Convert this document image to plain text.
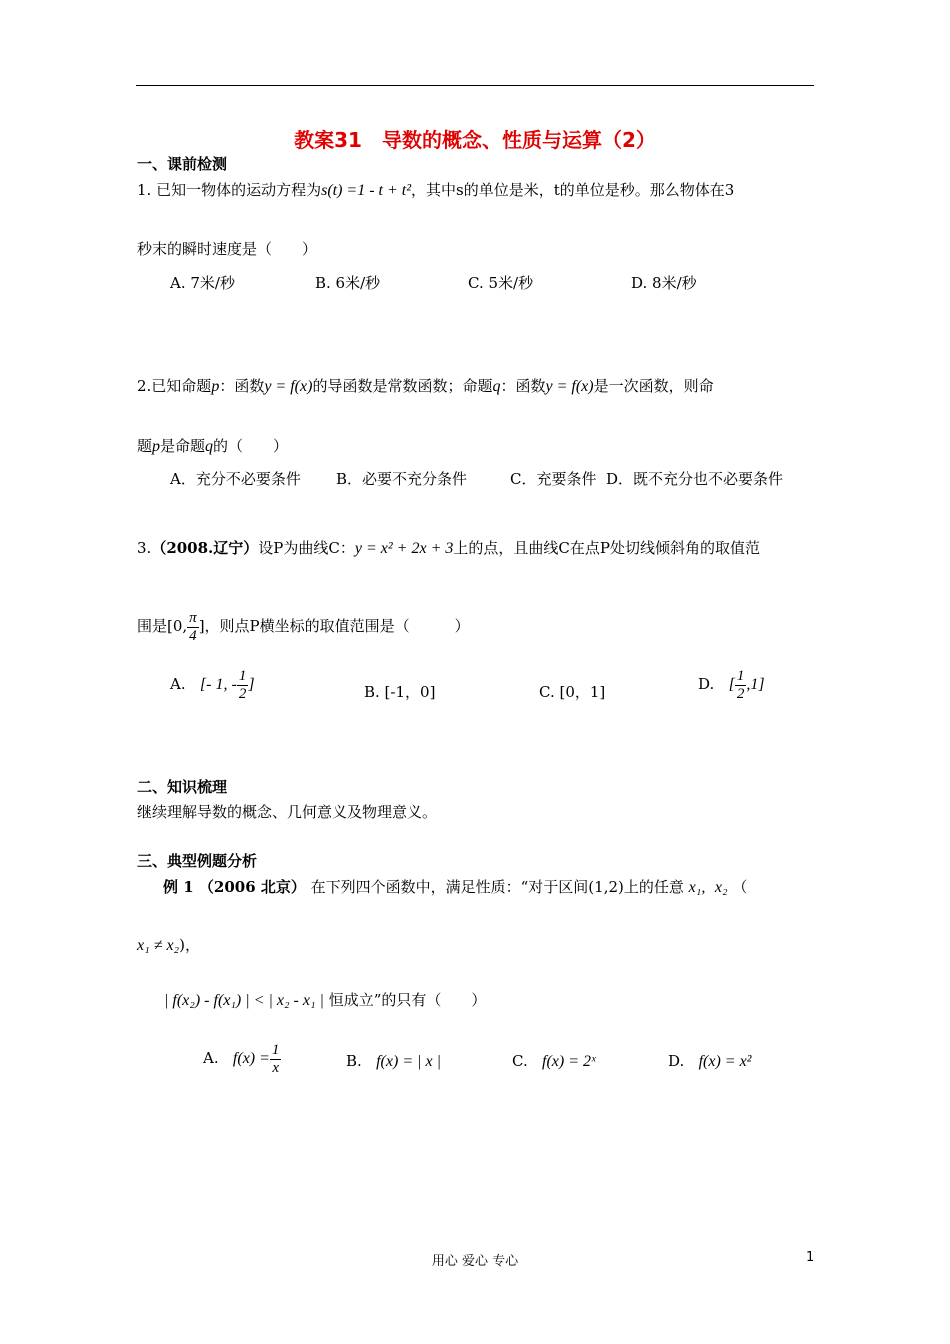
教案31　导数的概念、性质与运算（2）
一、课前检测
1. 已知一物体的运动方程为s(t) =1 - t + t²，其中s的单位是米，t的单位是秒。那么物体在3
秒末的瞬时速度是（　　）
A. 7米/秒	B. 6米/秒	C. 5米/秒	D. 8米/秒
2.已知命题p：函数y = f(x)的导函数是常数函数；命题q：函数y = f(x)是一次函数，则命
题p是命题q的（　　）
A．充分不必要条件 B．必要不充分条件	C．充要条件 D．既不充分也不必要条件
3.（2008.辽宁）设P为曲线C：y = x² + 2x + 3上的点，且曲线C在点P处切线倾斜角的取值范
围是[0, $\frac{\pi}{4}$ ]，则点P横坐标的取值范围是（　　　）
A. [- 1, - $\frac{1}{2}$ ]	B. [-1，0]	C. [0，1]	D. [ $\frac{1}{2} ,1$]
二、知识梳理
继续理解导数的概念、几何意义及物理意义。
三、典型例题分析
例 1 （2006 北京） 在下列四个函数中，满足性质：“对于区间(1,2)上的任意 x₁, x₂ （
x₁ ≠ x₂)，
| f(x₂) - f(x₁) | < | x₂ - x₁ | 恒成立”的只有（　　）
A. $f(x) = \frac{1}{x}$	B. f(x) = | x |	C. f(x) = 2ˣ	D. f(x) = x²
用心 爱心 专心	1
